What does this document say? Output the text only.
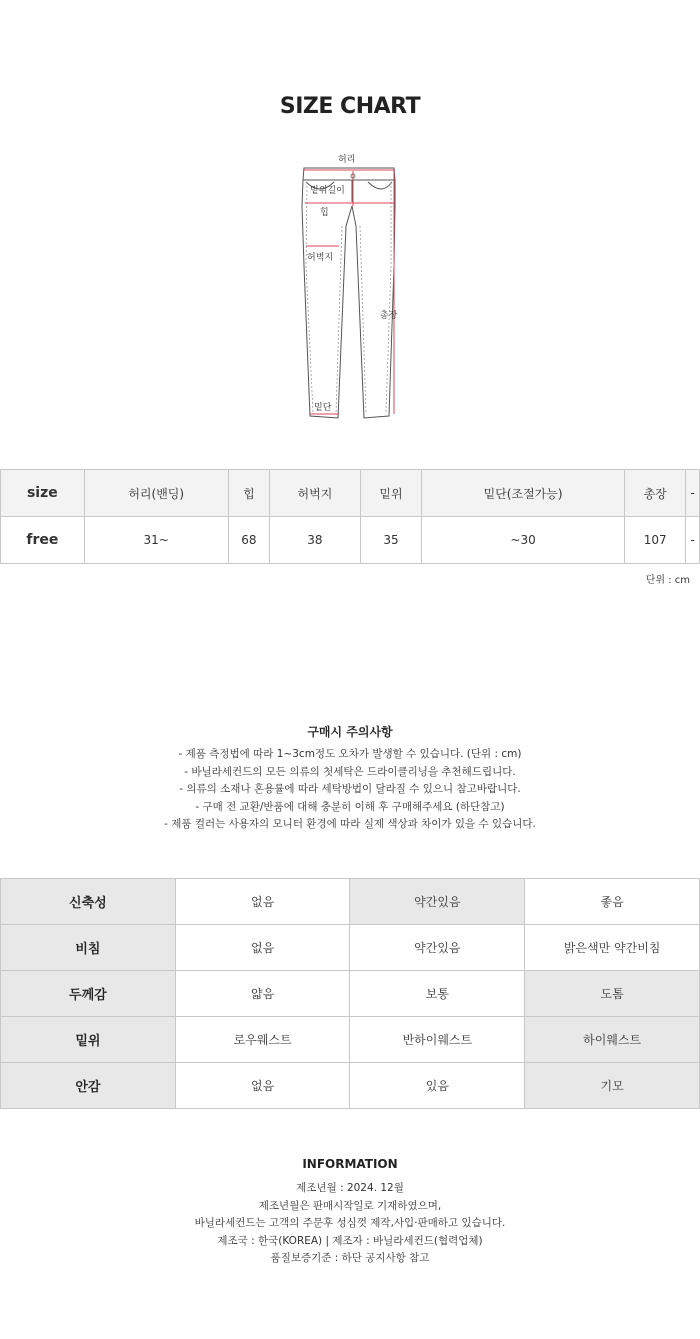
SIZE CHART
허리
밑위길이
힙
허벅지
총장
밑단
size	허리(밴딩)	힙	허벅지	밑위	밑단(조절가능)	총장	-
free	31~	68	38	35	~30	107	-
단위 : cm
구매시 주의사항
- 제품 측정법에 따라 1~3cm정도 오차가 발생할 수 있습니다. (단위 : cm)
- 바닐라세컨드의 모든 의류의 첫세탁은 드라이클리닝을 추천해드립니다.
- 의류의 소재나 혼용률에 따라 세탁방법이 달라질 수 있으니 참고바랍니다.
- 구매 전 교환/반품에 대해 충분히 이해 후 구매해주세요 (하단참고)
- 제품 컬러는 사용자의 모니터 환경에 따라 실제 색상과 차이가 있을 수 있습니다.
신축성	없음	약간있음	좋음
비침	없음	약간있음	밝은색만 약간비침
두께감	얇음	보통	도톰
밑위	로우웨스트	반하이웨스트	하이웨스트
안감	없음	있음	기모
INFORMATION
제조년월 : 2024. 12월
제조년월은 판매시작일로 기재하였으며,
바닐라세컨드는 고객의 주문후 성심껏 제작,사입·판매하고 있습니다.
제조국 : 한국(KOREA) | 제조자 : 바닐라세컨드(협력업체)
품질보증기준 : 하단 공지사항 참고
